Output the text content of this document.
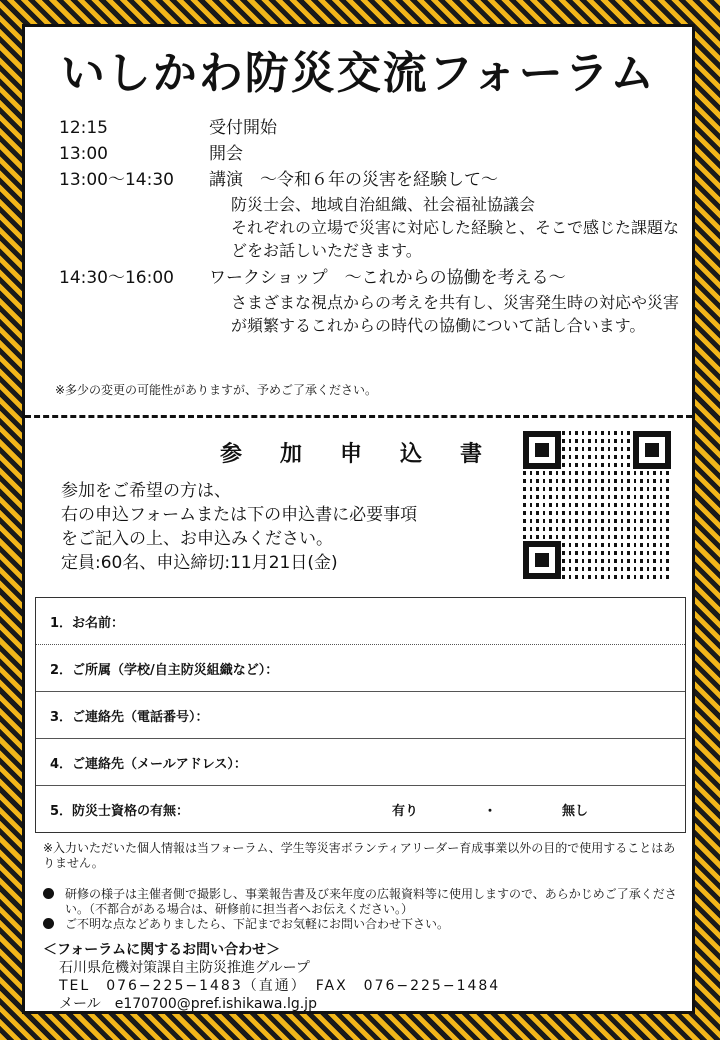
いしかわ防災交流フォーラム
12:15	受付開始
13:00	開会
13:00〜14:30	講演　〜令和６年の災害を経験して〜
防災士会、地域自治組織、社会福祉協議会
それぞれの立場で災害に対応した経験と、そこで感じた課題などをお話しいただきます。
14:30〜16:00	ワークショップ　〜これからの協働を考える〜
さまざまな視点からの考えを共有し、災害発生時の対応や災害が頻繁するこれからの時代の協働について話し合います。
※多少の変更の可能性がありますが、予めご了承ください。
参加申込書
参加をご希望の方は、
右の申込フォームまたは下の申込書に必要事項
をご記入の上、お申込みください。
定員:60名、申込締切:11月21日(金)
1．お名前：
2．ご所属（学校/自主防災組織など）：
3．ご連絡先（電話番号）：
4．ご連絡先（メールアドレス）：
5．防災士資格の有無：	有り	・	無し
※入力いただいた個人情報は当フォーラム、学生等災害ボランティアリーダー育成事業以外の目的で使用することはありません。
研修の様子は主催者側で撮影し、事業報告書及び来年度の広報資料等に使用しますので、あらかじめご了承ください。（不都合がある場合は、研修前に担当者へお伝えください。）
ご不明な点などありましたら、下記までお気軽にお問い合わせ下さい。
＜フォーラムに関するお問い合わせ＞
石川県危機対策課自主防災推進グループ
TEL　076−225−1483（直通）　FAX　076−225−1484
メール　e170700@pref.ishikawa.lg.jp
